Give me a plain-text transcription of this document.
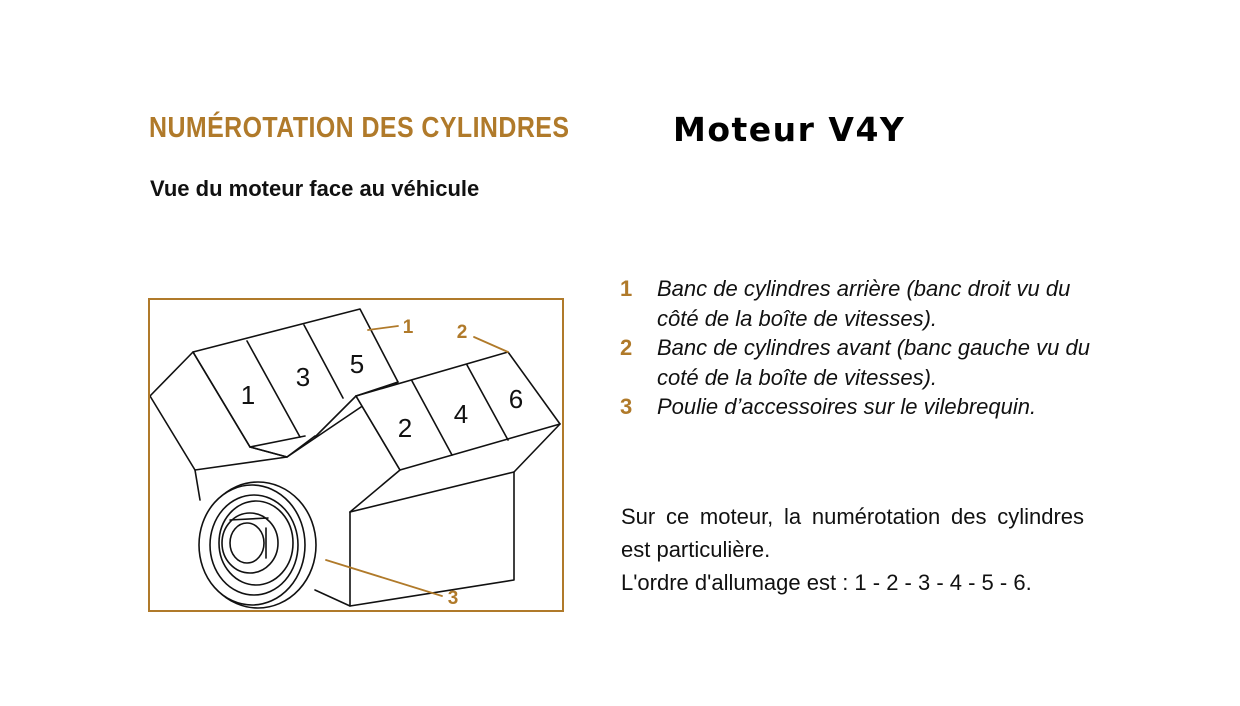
NUMÉROTATION DES CYLINDRES	Moteur V4Y

Vue du moteur face au véhicule

1
3 5
2 4 6
1 2
3
1 Banc de cylindres arrière (banc droit vu du côté de la boîte de vitesses).
2 Banc de cylindres avant (banc gauche vu du coté de la boîte de vitesses).
3 Poulie d’accessoires sur le vilebrequin.

Sur ce moteur, la numérotation des cylindres est particulière.

L'ordre d'allumage est : 1 - 2 - 3 - 4 - 5 - 6.
